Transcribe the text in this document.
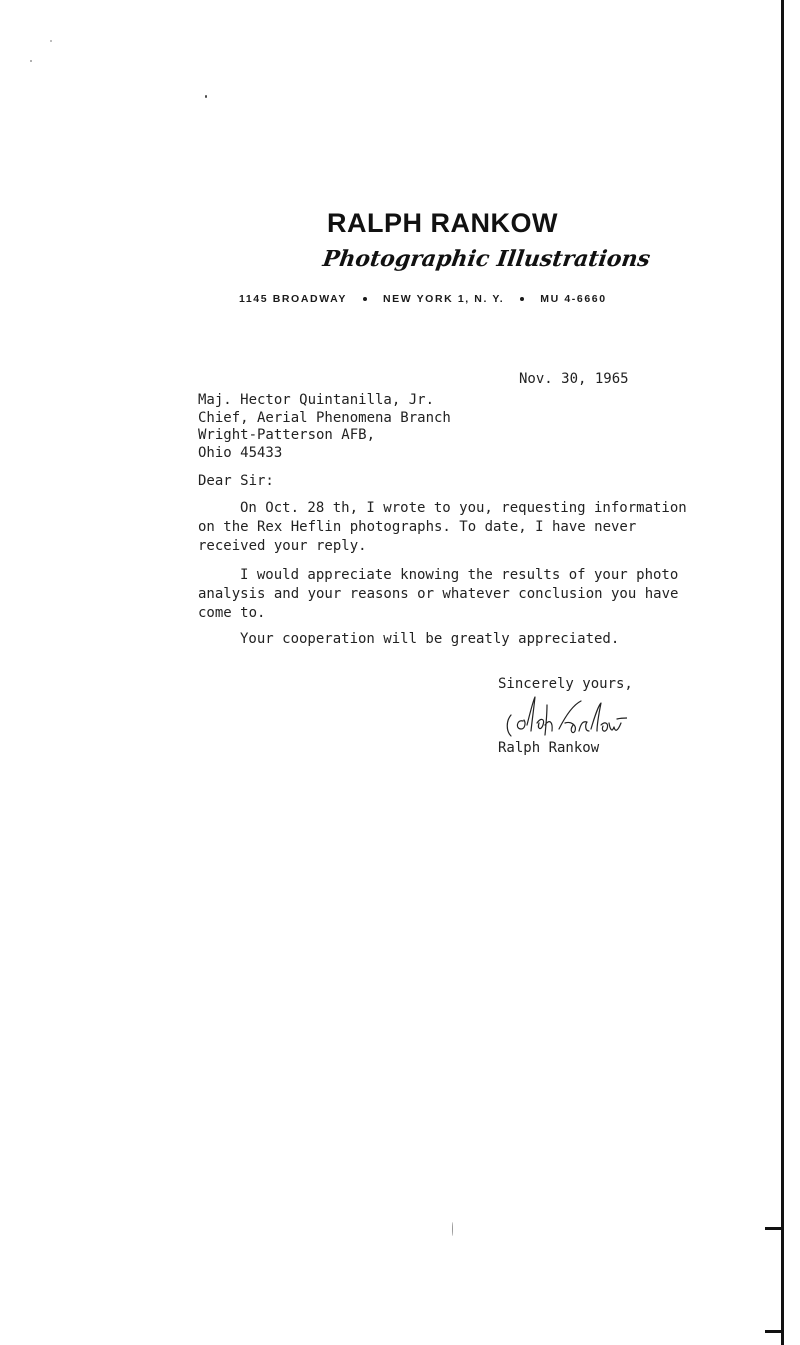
RALPH RANKOW
Photographic Illustrations
1145 BROADWAY	NEW YORK 1, N. Y.	MU 4-6660
Nov. 30, 1965
Maj. Hector Quintanilla, Jr.
Chief, Aerial Phenomena Branch
Wright-Patterson AFB,
Ohio 45433
Dear Sir:
On Oct. 28 th, I wrote to you, requesting information
on the Rex Heflin photographs. To date, I have never
received your reply.
I would appreciate knowing the results of your photo
analysis and your reasons or whatever conclusion you have
come to.
Your cooperation will be greatly appreciated.
Sincerely yours,
Ralph Rankow
